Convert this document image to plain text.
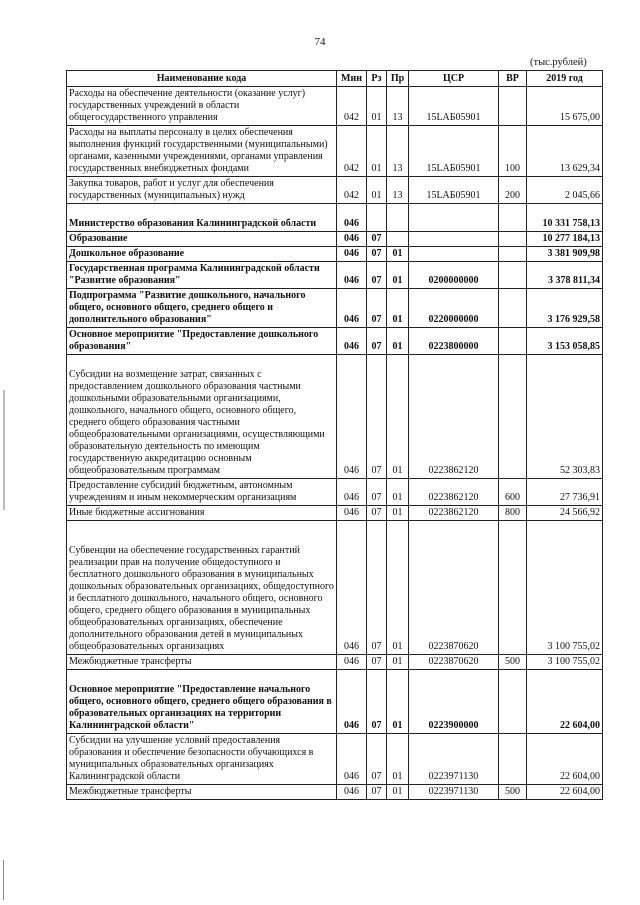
74
(тыс.рублей)
Наименование кода	Мин	Рз	Пр	ЦСР	ВР	2019 год
Расходы на обеспечение деятельности (оказание услуг) государственных учреждений в области общегосударственного управления	042	01	13	15LАБ05901		15 675,00
Расходы на выплаты персоналу в целях обеспечения выполнения функций государственными (муниципальными) органами, казенными учреждениями, органами управления государственных внебюджетных фондами	042	01	13	15LАБ05901	100	13 629,34
Закупка товаров, работ и услуг для обеспечения государственных (муниципальных) нужд	042	01	13	15LАБ05901	200	2 045,66
Министерство образования Калининградской области	046					10 331 758,13
Образование	046	07				10 277 184,13
Дошкольное образование	046	07	01			3 381 909,98
Государственная программа Калининградской области "Развитие образования"	046	07	01	0200000000		3 378 811,34
Подпрограмма "Развитие дошкольного, начального общего, основного общего, среднего общего и дополнительного образования"	046	07	01	0220000000		3 176 929,58
Основное мероприятие "Предоставление дошкольного образования"	046	07	01	0223800000		3 153 058,85
Субсидии на возмещение затрат, связанных с предоставлением дошкольного образования частными дошкольными образовательными организациями, дошкольного, начального общего, основного общего, среднего общего образования частными общеобразовательными организациями, осуществляющими образовательную деятельность по имеющим государственную аккредитацию основным общеобразовательным программам	046	07	01	0223862120		52 303,83
Предоставление субсидий бюджетным, автономным учреждениям и иным некоммерческим организациям	046	07	01	0223862120	600	27 736,91
Иные бюджетные ассигнования	046	07	01	0223862120	800	24 566,92
Субвенции на обеспечение государственных гарантий реализации прав на получение общедоступного и бесплатного дошкольного образования в муниципальных дошкольных образовательных организациях, общедоступного и бесплатного дошкольного, начального общего, основного общего, среднего общего образования в муниципальных общеобразовательных организациях, обеспечение дополнительного образования детей в муниципальных общеобразовательных организациях	046	07	01	0223870620		3 100 755,02
Межбюджетные трансферты	046	07	01	0223870620	500	3 100 755,02
Основное мероприятие "Предоставление начального общего, основного общего, среднего общего образования в образовательных организациях на территории Калининградской области"	046	07	01	0223900000		22 604,00
Субсидии на улучшение условий предоставления образования и обеспечение безопасности обучающихся в муниципальных образовательных организациях Калининградской области	046	07	01	0223971130		22 604,00
Межбюджетные трансферты	046	07	01	0223971130	500	22 604,00
